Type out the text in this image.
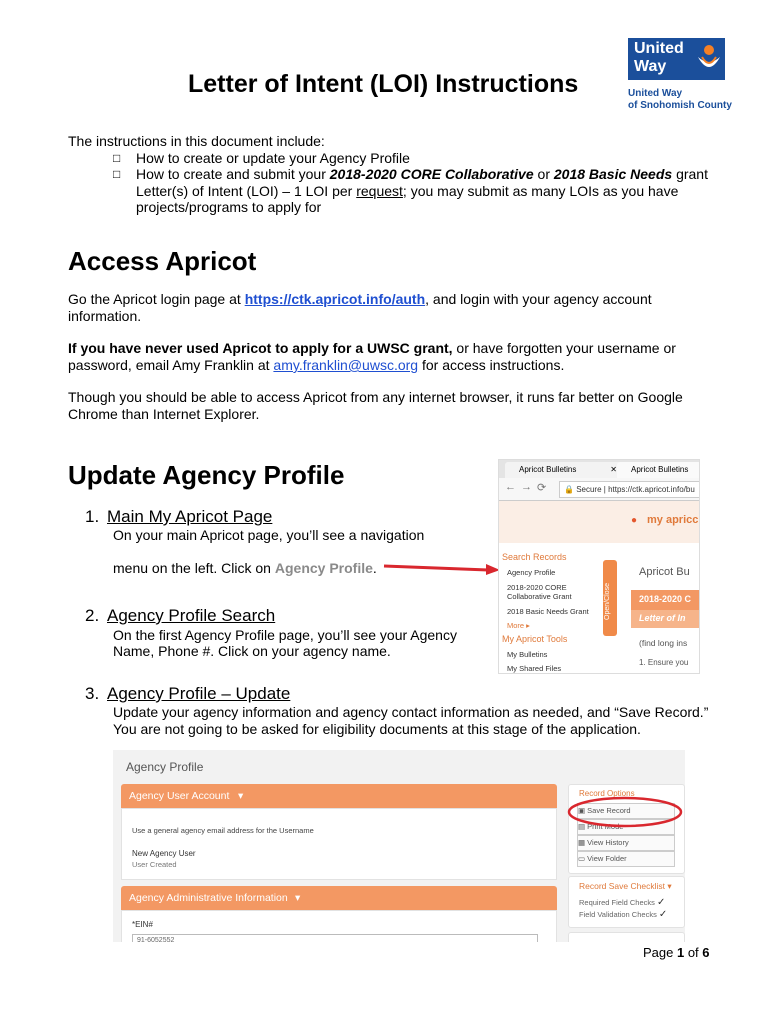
United
Way
United Way
of Snohomish County
Letter of Intent (LOI) Instructions

The instructions in this document include:

□ How to create or update your Agency Profile

□ How to create and submit your 2018-2020 CORE Collaborative or 2018 Basic Needs grant

Letter(s) of Intent (LOI) – 1 LOI per request; you may submit as many LOIs as you have

projects/programs to apply for

Access Apricot

Go the Apricot login page at https://ctk.apricot.info/auth, and login with your agency account

information.

If you have never used Apricot to apply for a UWSC grant, or have forgotten your username or

password, email Amy Franklin at amy.franklin@uwsc.org for access instructions.

Though you should be able to access Apricot from any internet browser, it runs far better on Google

Chrome than Internet Explorer.

Update Agency Profile

1. Main My Apricot Page

On your main Apricot page, you’ll see a navigation

menu on the left. Click on Agency Profile.

2. Agency Profile Search

On the first Agency Profile page, you’ll see your Agency

Name, Phone #. Click on your agency name.

3. Agency Profile – Update

Update your agency information and agency contact information as needed, and “Save Record.”

You are not going to be asked for eligibility documents at this stage of the application.

Apricot Bulletins	✕	Apricot Bulletins
← → ⟳	🔒 Secure | https://ctk.apricot.info/bu
● my apricc
Search Records
Agency Profile
2018-2020 CORE
Collaborative Grant
2018 Basic Needs Grant
More ▸
My Apricot Tools
My Bulletins
My Shared Files
Open/Close
Apricot Bu
2018-2020 C
Letter of In
(find long ins
1. Ensure you
Agency Profile
Agency User Account ▾
Use a general agency email address for the Username
New Agency User
User Created
Agency Administrative Information ▾
*EIN#
91-6052552
Record Options
▣ Save Record
▤ Print Mode
▦ View History
▭ View Folder
Record Save Checklist ▾
Required Field Checks ✓
Field Validation Checks ✓

Page 1 of 6
